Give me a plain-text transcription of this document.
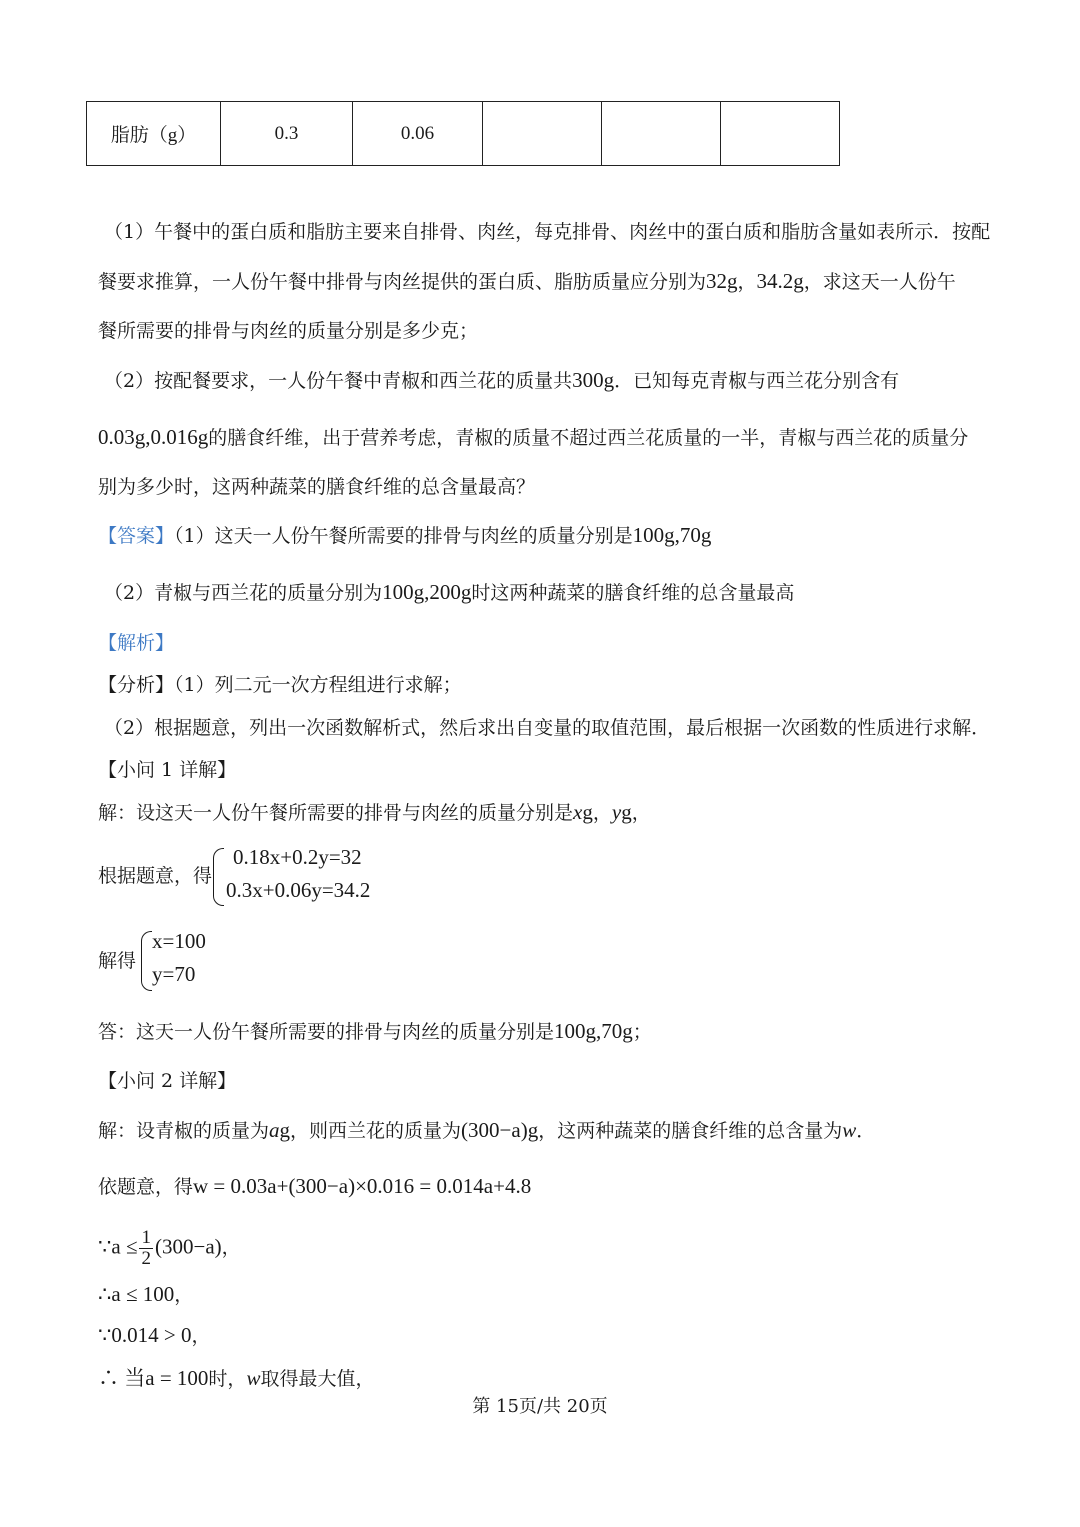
脂肪（g）	0.3	0.06			
（1）午餐中的蛋白质和脂肪主要来自排骨、肉丝，每克排骨、肉丝中的蛋白质和脂肪含量如表所示．按配
餐要求推算，一人份午餐中排骨与肉丝提供的蛋白质、脂肪质量应分别为32g，34.2g，求这天一人份午
餐所需要的排骨与肉丝的质量分别是多少克；
（2）按配餐要求，一人份午餐中青椒和西兰花的质量共300g．已知每克青椒与西兰花分别含有
0.03g,0.016g的膳食纤维，出于营养考虑，青椒的质量不超过西兰花质量的一半，青椒与西兰花的质量分
别为多少时，这两种蔬菜的膳食纤维的总含量最高？
【答案】（1）这天一人份午餐所需要的排骨与肉丝的质量分别是100g,70g
（2）青椒与西兰花的质量分别为100g,200g时这两种蔬菜的膳食纤维的总含量最高
【解析】
【分析】（1）列二元一次方程组进行求解；
（2）根据题意，列出一次函数解析式，然后求出自变量的取值范围，最后根据一次函数的性质进行求解．
【小问 1 详解】
解：设这天一人份午餐所需要的排骨与肉丝的质量分别是xg，yg，
根据题意，得
0.18x+0.2y=32
0.3x+0.06y=34.2
解得
x=100
y=70
答：这天一人份午餐所需要的排骨与肉丝的质量分别是100g,70g；
【小问 2 详解】
解：设青椒的质量为ag，则西兰花的质量为(300−a)g，这两种蔬菜的膳食纤维的总含量为w．
依题意，得w = 0.03a+(300−a)×0.016 = 0.014a+4.8
∵a ≤ $\frac{1}{2} (300-a)$，
∴a ≤ 100，
∵0.014 > 0，
∴ 当a = 100时，w取得最大值，
第 15页/共 20页
